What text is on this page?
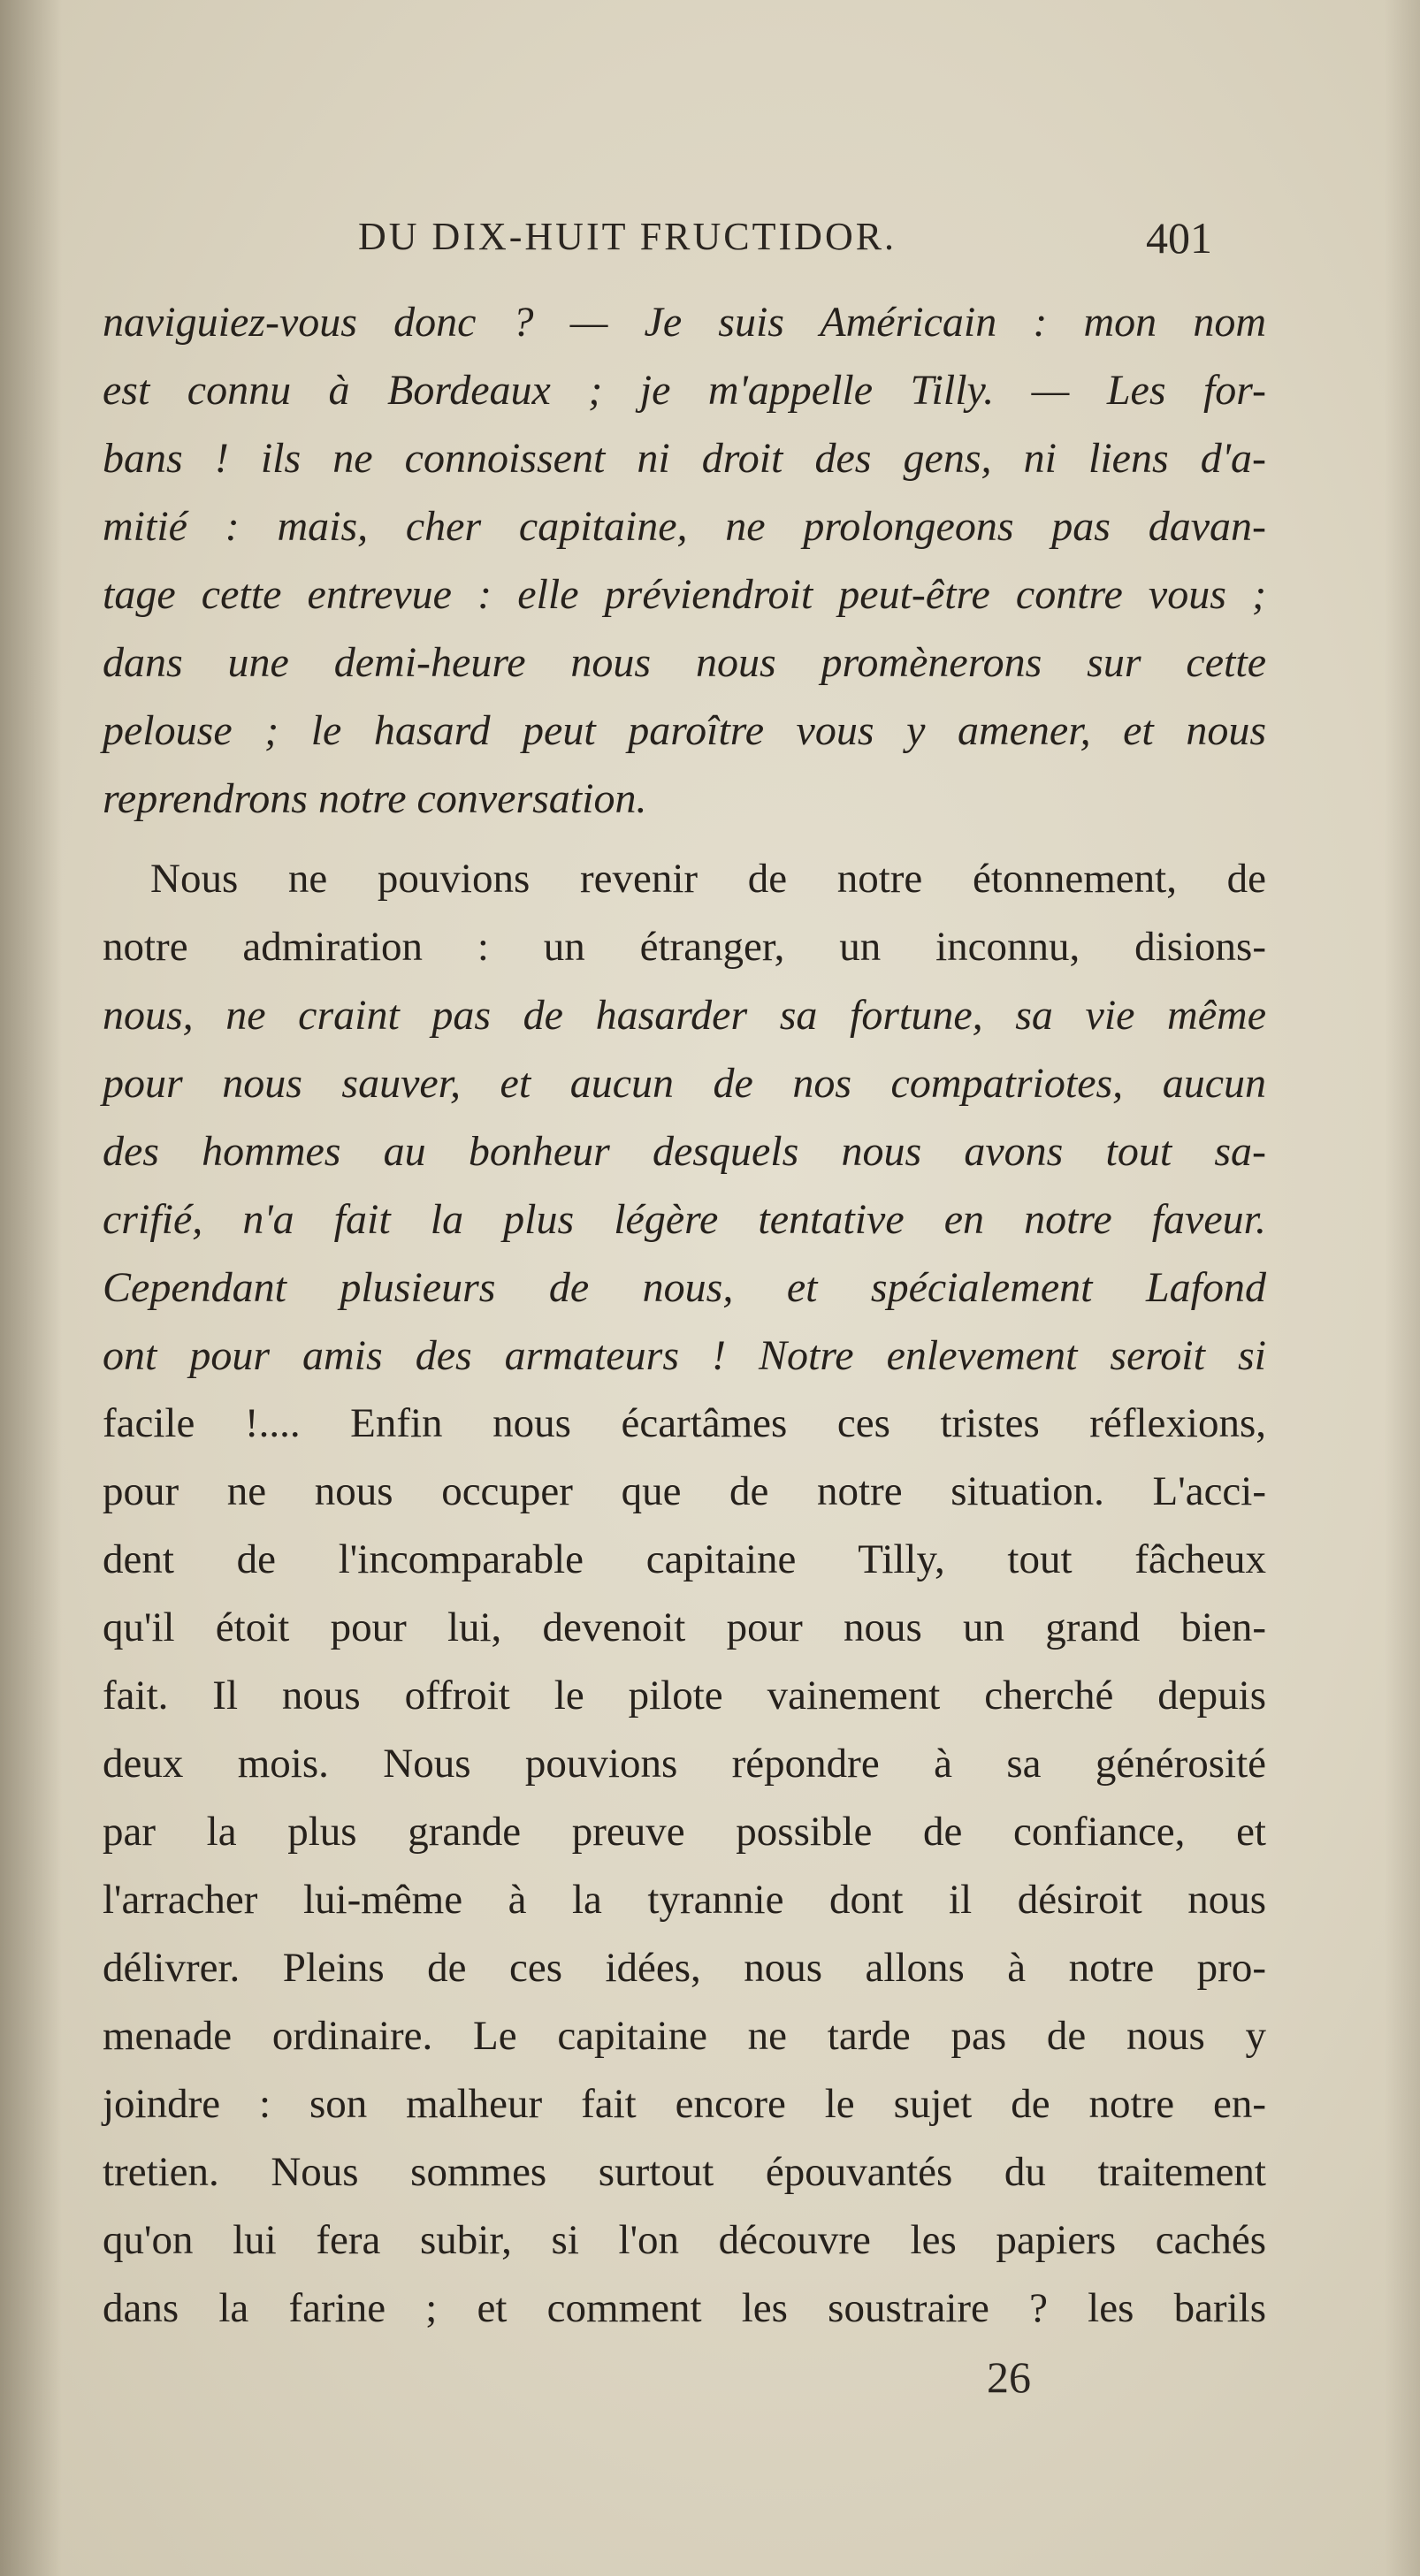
DU DIX-HUIT FRUCTIDOR.	401
naviguiez-vous donc ? — Je suis Américain : mon nom
est connu à Bordeaux ; je m'appelle Tilly. — Les for-
bans ! ils ne connoissent ni droit des gens, ni liens d'a-
mitié : mais, cher capitaine, ne prolongeons pas davan-
tage cette entrevue : elle préviendroit peut-être contre vous ;
dans une demi-heure nous nous promènerons sur cette
pelouse ; le hasard peut paroître vous y amener, et nous
reprendrons notre conversation.
Nous ne pouvions revenir de notre étonnement, de
notre admiration : un étranger, un inconnu, disions-
nous, ne craint pas de hasarder sa fortune, sa vie même
pour nous sauver, et aucun de nos compatriotes, aucun
des hommes au bonheur desquels nous avons tout sa-
crifié, n'a fait la plus légère tentative en notre faveur.
Cependant plusieurs de nous, et spécialement Lafond
ont pour amis des armateurs ! Notre enlevement seroit si
facile !.... Enfin nous écartâmes ces tristes réflexions,
pour ne nous occuper que de notre situation. L'acci-
dent de l'incomparable capitaine Tilly, tout fâcheux
qu'il étoit pour lui, devenoit pour nous un grand bien-
fait. Il nous offroit le pilote vainement cherché depuis
deux mois. Nous pouvions répondre à sa générosité
par la plus grande preuve possible de confiance, et
l'arracher lui-même à la tyrannie dont il désiroit nous
délivrer. Pleins de ces idées, nous allons à notre pro-
menade ordinaire. Le capitaine ne tarde pas de nous y
joindre : son malheur fait encore le sujet de notre en-
tretien. Nous sommes surtout épouvantés du traitement
qu'on lui fera subir, si l'on découvre les papiers cachés
dans la farine ; et comment les soustraire ? les barils
26
